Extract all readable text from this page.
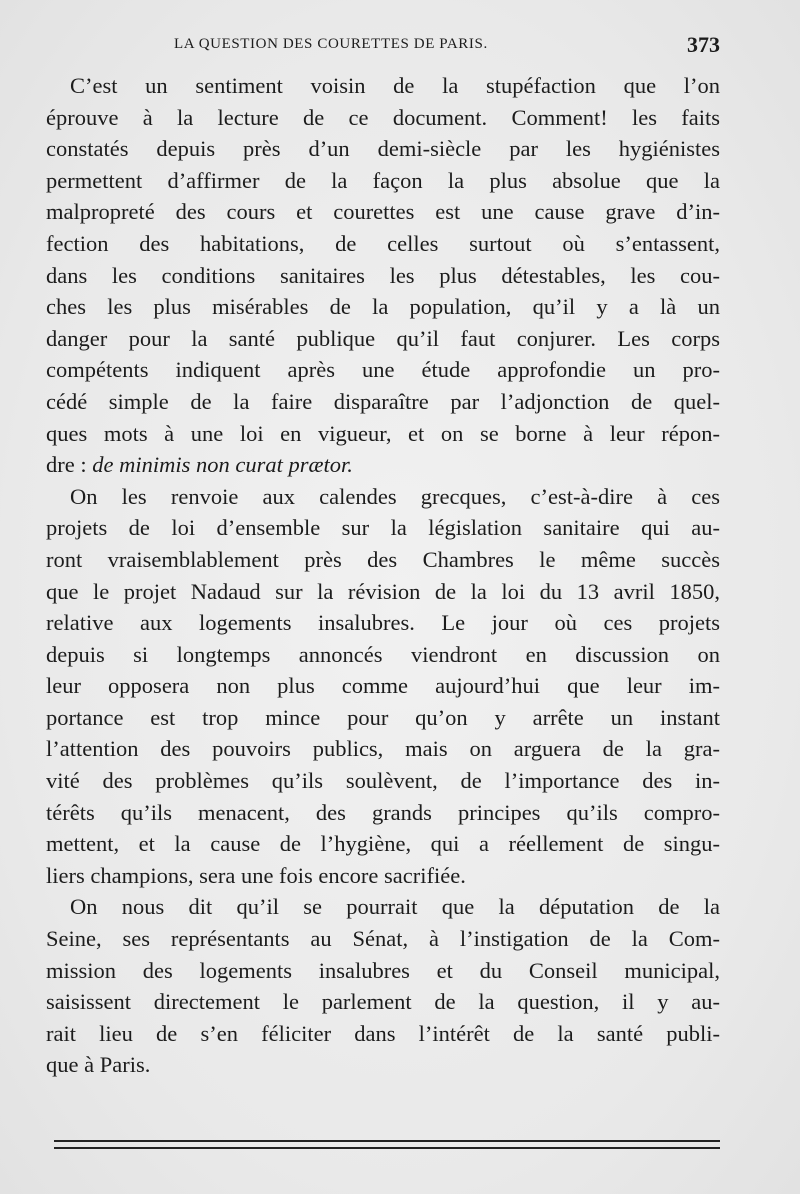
LA QUESTION DES COURETTES DE PARIS.	373
C’est un sentiment voisin de la stupéfaction que l’on
éprouve à la lecture de ce document. Comment! les faits
constatés depuis près d’un demi-siècle par les hygiénistes
permettent d’affirmer de la façon la plus absolue que la
malpropreté des cours et courettes est une cause grave d’in-
fection des habitations, de celles surtout où s’entassent,
dans les conditions sanitaires les plus détestables, les cou-
ches les plus misérables de la population, qu’il y a là un
danger pour la santé publique qu’il faut conjurer. Les corps
compétents indiquent après une étude approfondie un pro-
cédé simple de la faire disparaître par l’adjonction de quel-
ques mots à une loi en vigueur, et on se borne à leur répon-
dre : de minimis non curat prætor.
On les renvoie aux calendes grecques, c’est-à-dire à ces
projets de loi d’ensemble sur la législation sanitaire qui au-
ront vraisemblablement près des Chambres le même succès
que le projet Nadaud sur la révision de la loi du 13 avril 1850,
relative aux logements insalubres. Le jour où ces projets
depuis si longtemps annoncés viendront en discussion on
leur opposera non plus comme aujourd’hui que leur im-
portance est trop mince pour qu’on y arrête un instant
l’attention des pouvoirs publics, mais on arguera de la gra-
vité des problèmes qu’ils soulèvent, de l’importance des in-
térêts qu’ils menacent, des grands principes qu’ils compro-
mettent, et la cause de l’hygiène, qui a réellement de singu-
liers champions, sera une fois encore sacrifiée.
On nous dit qu’il se pourrait que la députation de la
Seine, ses représentants au Sénat, à l’instigation de la Com-
mission des logements insalubres et du Conseil municipal,
saisissent directement le parlement de la question, il y au-
rait lieu de s’en féliciter dans l’intérêt de la santé publi-
que à Paris.
